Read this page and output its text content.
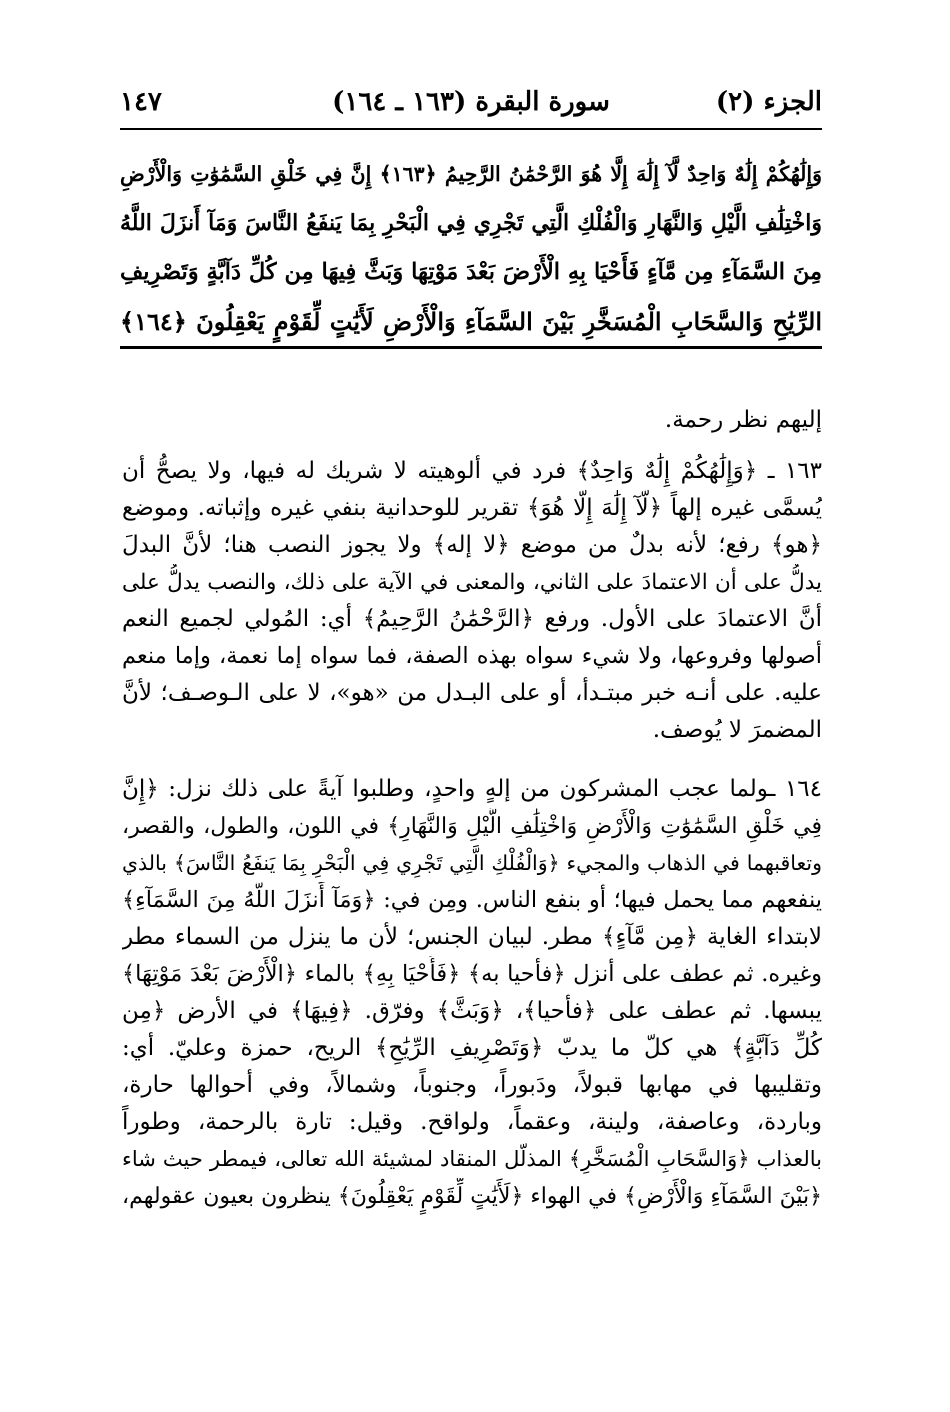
الجزء (٢)
سورة البقرة (١٦٣ ـ ١٦٤)
١٤٧
وَإِلَٰهُكُمْ إِلَٰهٌ وَاحِدٌ لَّآ إِلَٰهَ إِلَّا هُوَ الرَّحْمَٰنُ الرَّحِيمُ ﴿١٦٣﴾ إِنَّ فِي خَلْقِ السَّمَٰوَٰتِ وَالْأَرْضِ
وَاخْتِلَٰفِ الَّيْلِ وَالنَّهَارِ وَالْفُلْكِ الَّتِي تَجْرِي فِي الْبَحْرِ بِمَا يَنفَعُ النَّاسَ وَمَآ أَنزَلَ اللَّهُ
مِنَ السَّمَآءِ مِن مَّآءٍ فَأَحْيَا بِهِ الْأَرْضَ بَعْدَ مَوْتِهَا وَبَثَّ فِيهَا مِن كُلِّ دَآبَّةٍ وَتَصْرِيفِ
الرِّيَٰحِ وَالسَّحَابِ الْمُسَخَّرِ بَيْنَ السَّمَآءِ وَالْأَرْضِ لَأَيَٰتٍ لِّقَوْمٍ يَعْقِلُونَ ﴿١٦٤﴾
إليهم نظر رحمة.
١٦٣ ـ ﴿وَإِلَٰهُكُمْ إِلَٰهٌ وَاحِدٌ﴾ فرد في ألوهيته لا شريك له فيها، ولا يصحُّ أن
يُسمَّى غيره إلهاً ﴿لَّآ إِلَٰهَ إِلَّا هُوَ﴾ تقرير للوحدانية بنفي غيره وإثباته. وموضع
﴿هو﴾ رفع؛ لأنه بدلٌ من موضع ﴿لا إله﴾ ولا يجوز النصب هنا؛ لأنَّ البدلَ
يدلُّ على أن الاعتمادَ على الثاني، والمعنى في الآية على ذلك، والنصب يدلُّ على
أنَّ الاعتمادَ على الأول. ورفع ﴿الرَّحْمَٰنُ الرَّحِيمُ﴾ أي: المُولي لجميع النعم
أصولها وفروعها، ولا شيء سواه بهذه الصفة، فما سواه إما نعمة، وإما منعم
عليه. على أنـه خبر مبتـدأ، أو على البـدل من «هو»، لا على الـوصـف؛ لأنَّ
المضمرَ لا يُوصف.
١٦٤ ـولما عجب المشركون من إلهٍ واحدٍ، وطلبوا آيةً على ذلك نزل: ﴿إِنَّ
فِي خَلْقِ السَّمَٰوَٰتِ وَالْأَرْضِ وَاخْتِلَٰفِ الَّيْلِ وَالنَّهَارِ﴾ في اللون، والطول، والقصر،
وتعاقبهما في الذهاب والمجيء ﴿وَالْفُلْكِ الَّتِي تَجْرِي فِي الْبَحْرِ بِمَا يَنفَعُ النَّاسَ﴾ بالذي
ينفعهم مما يحمل فيها؛ أو بنفع الناس. ومِن في: ﴿وَمَآ أَنزَلَ اللَّهُ مِنَ السَّمَآءِ﴾
لابتداء الغاية ﴿مِن مَّآءٍ﴾ مطر. لبيان الجنس؛ لأن ما ينزل من السماء مطر
وغيره. ثم عطف على أنزل ﴿فأحيا به﴾ ﴿فَأَحْيَا بِهِ﴾ بالماء ﴿الْأَرْضَ بَعْدَ مَوْتِهَا﴾
يبسها. ثم عطف على ﴿فأحيا﴾، ﴿وَبَثَّ﴾ وفرّق. ﴿فِيهَا﴾ في الأرض ﴿مِن
كُلِّ دَآبَّةٍ﴾ هي كلّ ما يدبّ ﴿وَتَصْرِيفِ الرِّيَٰحِ﴾ الريح، حمزة وعليّ. أي:
وتقليبها في مهابها قبولاً، ودَبوراً، وجنوباً، وشمالاً، وفي أحوالها حارة،
وباردة، وعاصفة، ولينة، وعقماً، ولواقح. وقيل: تارة بالرحمة، وطوراً
بالعذاب ﴿وَالسَّحَابِ الْمُسَخَّرِ﴾ المذلّل المنقاد لمشيئة الله تعالى، فيمطر حيث شاء
﴿بَيْنَ السَّمَآءِ وَالْأَرْضِ﴾ في الهواء ﴿لَأَيَٰتٍ لِّقَوْمٍ يَعْقِلُونَ﴾ ينظرون بعيون عقولهم،
